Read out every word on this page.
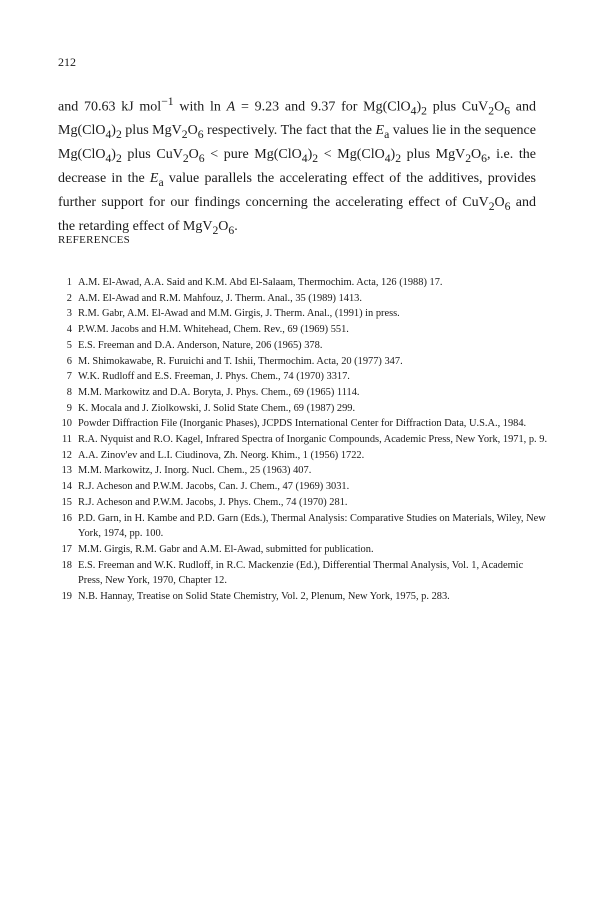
212
and 70.63 kJ mol$^{-1}$ with ln A = 9.23 and 9.37 for $Mg(ClO_4)_2$ plus $CuV_2O_6$ and $Mg(ClO_4)_2$ plus $MgV_2O_6$ respectively. The fact that the $E_a$ values lie in the sequence $Mg(ClO_4)_2$ plus $CuV_2O_6$ < pure $Mg(ClO_4)_2 < Mg(ClO_4)_2$ plus $MgV_2O_6$, i.e. the decrease in the $E_a$ value parallels the accelerating effect of the additives, provides further support for our findings concerning the accelerating effect of $CuV_2O_6$ and the retarding effect of $MgV_2O_6$.
REFERENCES
1 A.M. El-Awad, A.A. Said and K.M. Abd El-Salaam, Thermochim. Acta, 126 (1988) 17.
2 A.M. El-Awad and R.M. Mahfouz, J. Therm. Anal., 35 (1989) 1413.
3 R.M. Gabr, A.M. El-Awad and M.M. Girgis, J. Therm. Anal., (1991) in press.
4 P.W.M. Jacobs and H.M. Whitehead, Chem. Rev., 69 (1969) 551.
5 E.S. Freeman and D.A. Anderson, Nature, 206 (1965) 378.
6 M. Shimokawabe, R. Furuichi and T. Ishii, Thermochim. Acta, 20 (1977) 347.
7 W.K. Rudloff and E.S. Freeman, J. Phys. Chem., 74 (1970) 3317.
8 M.M. Markowitz and D.A. Boryta, J. Phys. Chem., 69 (1965) 1114.
9 K. Mocala and J. Ziolkowski, J. Solid State Chem., 69 (1987) 299.
10 Powder Diffraction File (Inorganic Phases), JCPDS International Center for Diffraction Data, U.S.A., 1984.
11 R.A. Nyquist and R.O. Kagel, Infrared Spectra of Inorganic Compounds, Academic Press, New York, 1971, p. 9.
12 A.A. Zinov'ev and L.I. Ciudinova, Zh. Neorg. Khim., 1 (1956) 1722.
13 M.M. Markowitz, J. Inorg. Nucl. Chem., 25 (1963) 407.
14 R.J. Acheson and P.W.M. Jacobs, Can. J. Chem., 47 (1969) 3031.
15 R.J. Acheson and P.W.M. Jacobs, J. Phys. Chem., 74 (1970) 281.
16 P.D. Garn, in H. Kambe and P.D. Garn (Eds.), Thermal Analysis: Comparative Studies on Materials, Wiley, New York, 1974, pp. 100.
17 M.M. Girgis, R.M. Gabr and A.M. El-Awad, submitted for publication.
18 E.S. Freeman and W.K. Rudloff, in R.C. Mackenzie (Ed.), Differential Thermal Analysis, Vol. 1, Academic Press, New York, 1970, Chapter 12.
19 N.B. Hannay, Treatise on Solid State Chemistry, Vol. 2, Plenum, New York, 1975, p. 283.
